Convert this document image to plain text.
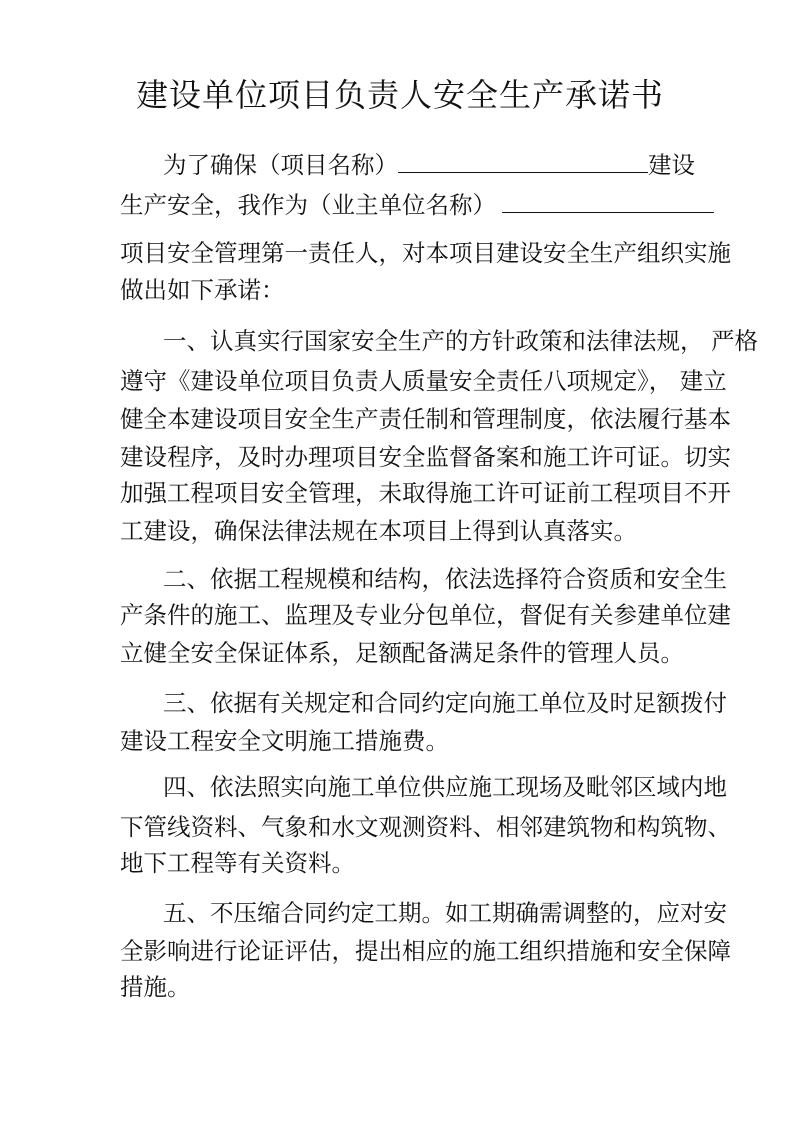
建设单位项目负责人安全生产承诺书
为了确保（项目名称）	建设
生产安全，我作为（业主单位名称）
项目安全管理第一责任人，对本项目建设安全生产组织实施
做出如下承诺：
一、认真实行国家安全生产的方针政策和法律法规， 严格
遵守《建设单位项目负责人质量安全责任八项规定》， 建立
健全本建设项目安全生产责任制和管理制度，依法履行基本
建设程序，及时办理项目安全监督备案和施工许可证。切实
加强工程项目安全管理，未取得施工许可证前工程项目不开
工建设，确保法律法规在本项目上得到认真落实。
二、依据工程规模和结构，依法选择符合资质和安全生
产条件的施工、监理及专业分包单位，督促有关参建单位建
立健全安全保证体系，足额配备满足条件的管理人员。
三、依据有关规定和合同约定向施工单位及时足额拨付
建设工程安全文明施工措施费。
四、依法照实向施工单位供应施工现场及毗邻区域内地
下管线资料、气象和水文观测资料、相邻建筑物和构筑物、
地下工程等有关资料。
五、不压缩合同约定工期。如工期确需调整的，应对安
全影响进行论证评估，提出相应的施工组织措施和安全保障
措施。
